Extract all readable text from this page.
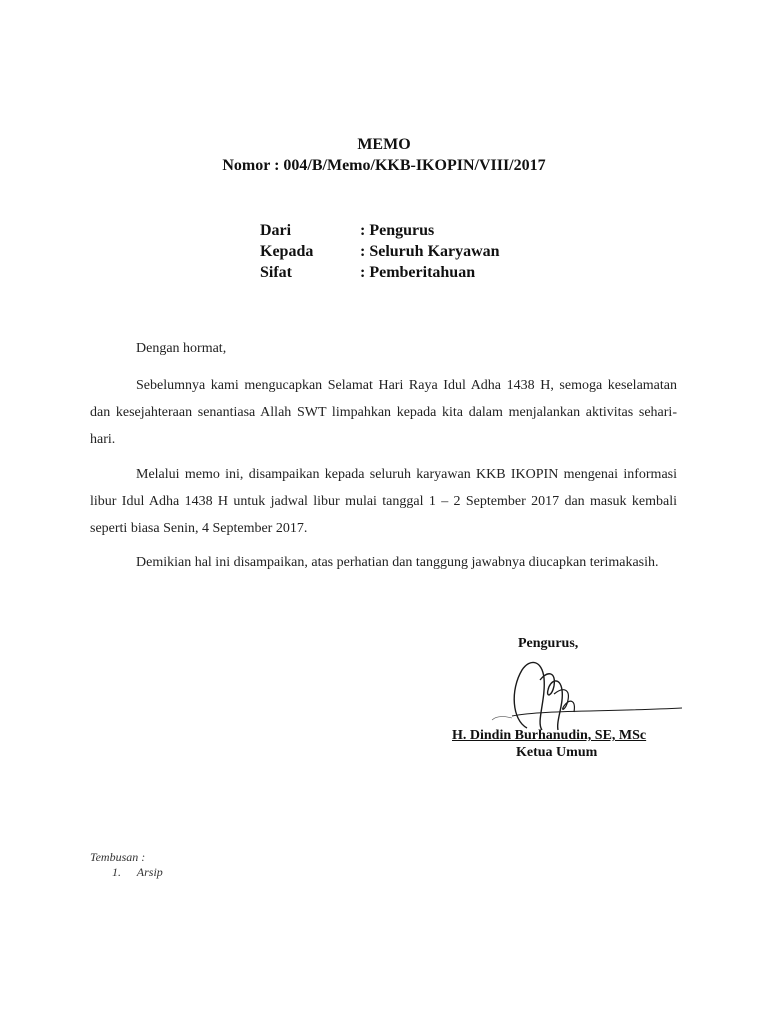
MEMO
Nomor : 004/B/Memo/KKB-IKOPIN/VIII/2017
Dari	: Pengurus
Kepada	: Seluruh Karyawan
Sifat	: Pemberitahuan
Dengan hormat,

Sebelumnya kami mengucapkan Selamat Hari Raya Idul Adha 1438 H, semoga keselamatan dan kesejahteraan senantiasa Allah SWT limpahkan kepada kita dalam menjalankan aktivitas sehari- hari.

Melalui memo ini, disampaikan kepada seluruh karyawan KKB IKOPIN mengenai informasi libur Idul Adha 1438 H untuk jadwal libur mulai tanggal 1 – 2 September 2017 dan masuk kembali seperti biasa Senin, 4 September 2017.

Demikian hal ini disampaikan, atas perhatian dan tanggung jawabnya diucapkan terimakasih.

Pengurus,
H. Dindin Burhanudin, SE, MSc
Ketua Umum
Tembusan :
1. Arsip
